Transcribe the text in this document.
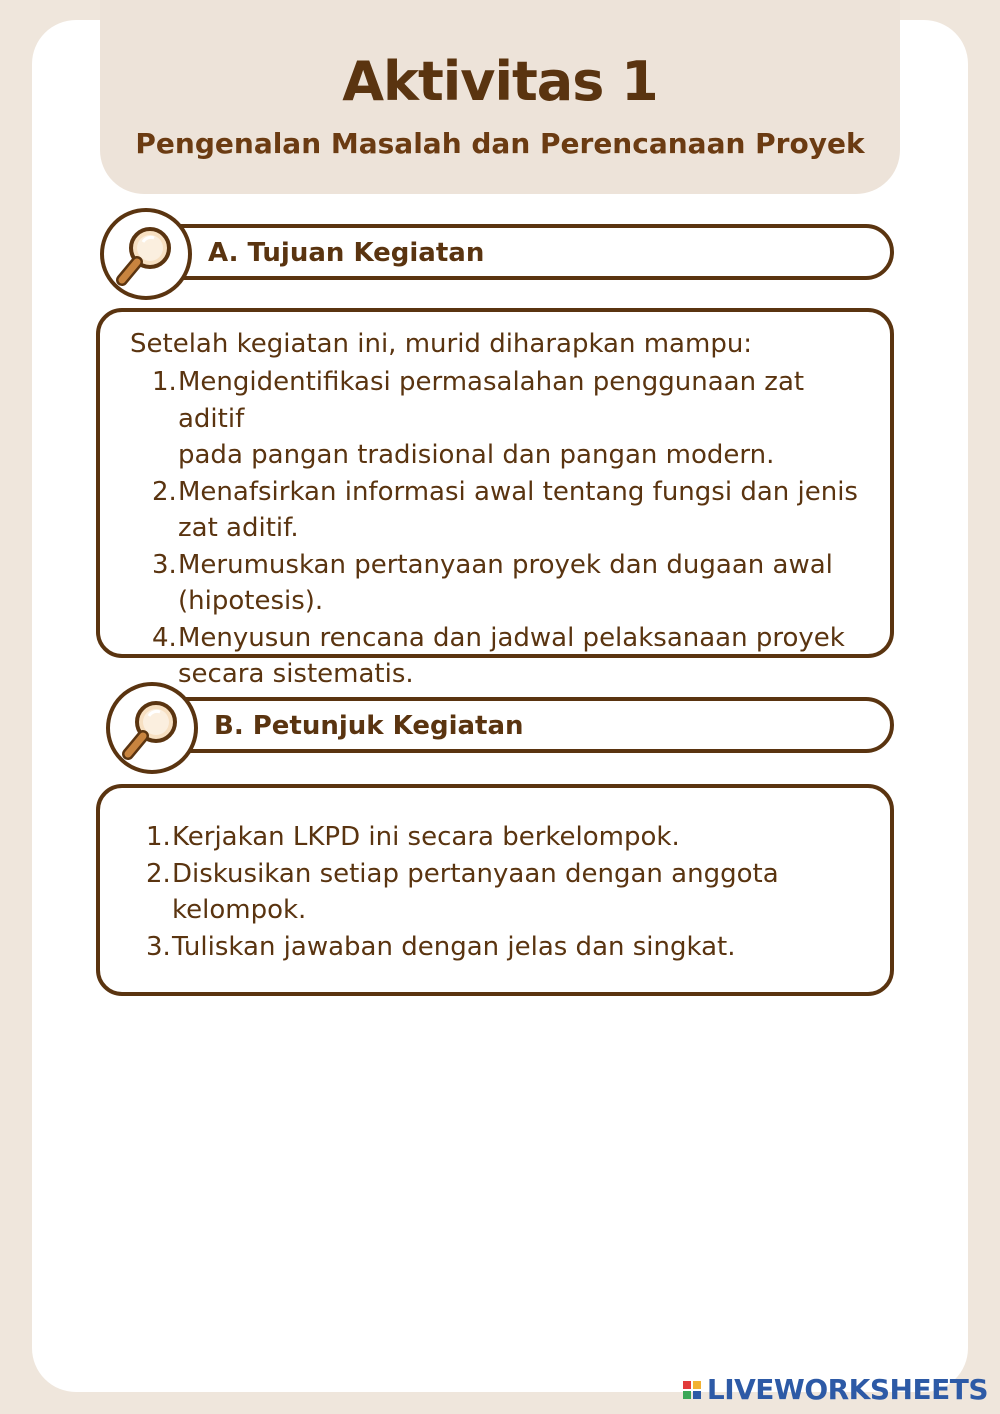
Aktivitas 1
Pengenalan Masalah dan Perencanaan Proyek
A. Tujuan Kegiatan
Setelah kegiatan ini, murid diharapkan mampu:
1. Mengidentifikasi permasalahan penggunaan zat aditif
pada pangan tradisional dan pangan modern.
2. Menafsirkan informasi awal tentang fungsi dan jenis
zat aditif.
3. Merumuskan pertanyaan proyek dan dugaan awal
(hipotesis).
4. Menyusun rencana dan jadwal pelaksanaan proyek
secara sistematis.
B. Petunjuk Kegiatan
1. Kerjakan LKPD ini secara berkelompok.
2. Diskusikan setiap pertanyaan dengan anggota
kelompok.
3. Tuliskan jawaban dengan jelas dan singkat.
LIVEWORKSHEETS
